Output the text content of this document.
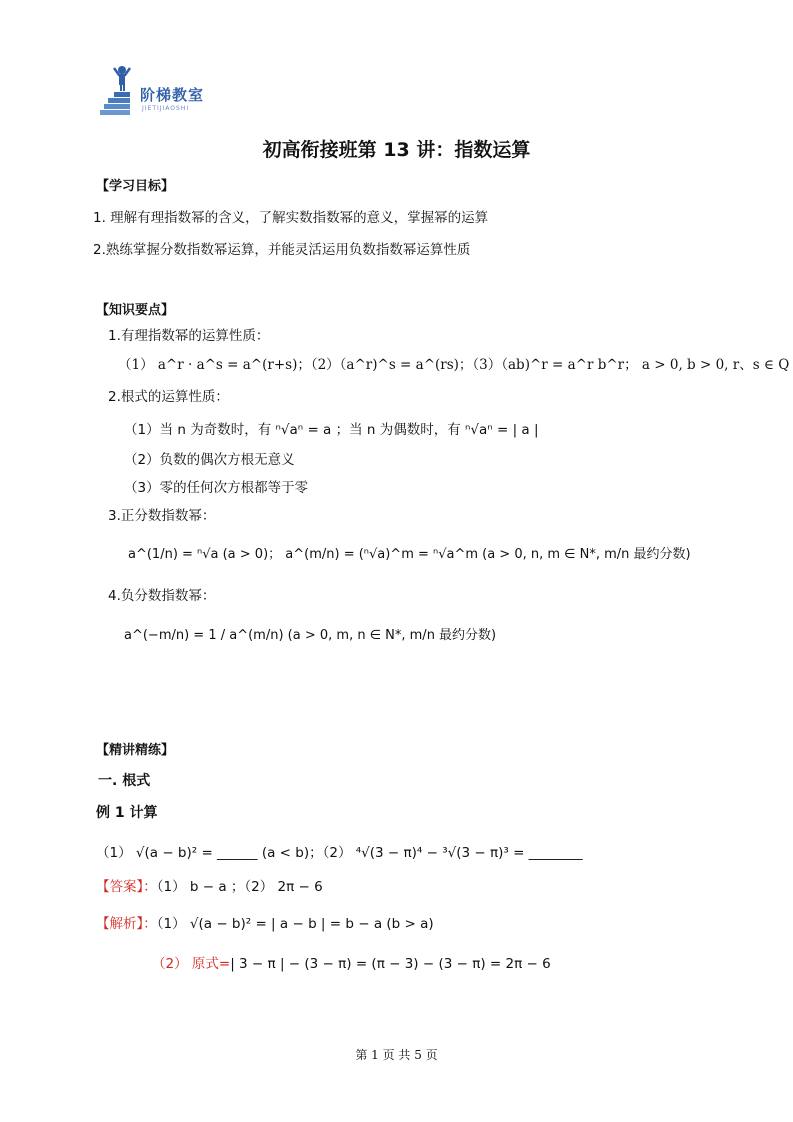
阶梯教室
JIETIJIAOSHI
初高衔接班第 13 讲：指数运算
【学习目标】
1. 理解有理指数幂的含义，了解实数指数幂的意义，掌握幂的运算
2.熟练掌握分数指数幂运算，并能灵活运用负数指数幂运算性质
【知识要点】
1.有理指数幂的运算性质：
（1） a^r · a^s = a^(r+s)；（2）（a^r)^s = a^(rs)；（3）（ab)^r = a^r b^r； a > 0, b > 0, r、s ∈ Q
2.根式的运算性质：
（1）当 n 为奇数时，有 ⁿ√aⁿ = a ；当 n 为偶数时，有 ⁿ√aⁿ = | a |
（2）负数的偶次方根无意义
（3）零的任何次方根都等于零
3.正分数指数幂：
a^(1/n) = ⁿ√a (a > 0)； a^(m/n) = (ⁿ√a)^m = ⁿ√a^m (a > 0, n, m ∈ N*, m/n 最约分数)
4.负分数指数幂：
a^(−m/n) = 1 / a^(m/n) (a > 0, m, n ∈ N*, m/n 最约分数)
【精讲精练】
一. 根式
例 1 计算
（1） √(a − b)² = ______ (a < b)；（2） ⁴√(3 − π)⁴ − ³√(3 − π)³ = ________
【答案】：（1） b − a ；（2） 2π − 6
【解析】：（1） √(a − b)² = | a − b | = b − a (b > a)
（2） 原式=| 3 − π | − (3 − π) = (π − 3) − (3 − π) = 2π − 6
第 1 页 共 5 页
